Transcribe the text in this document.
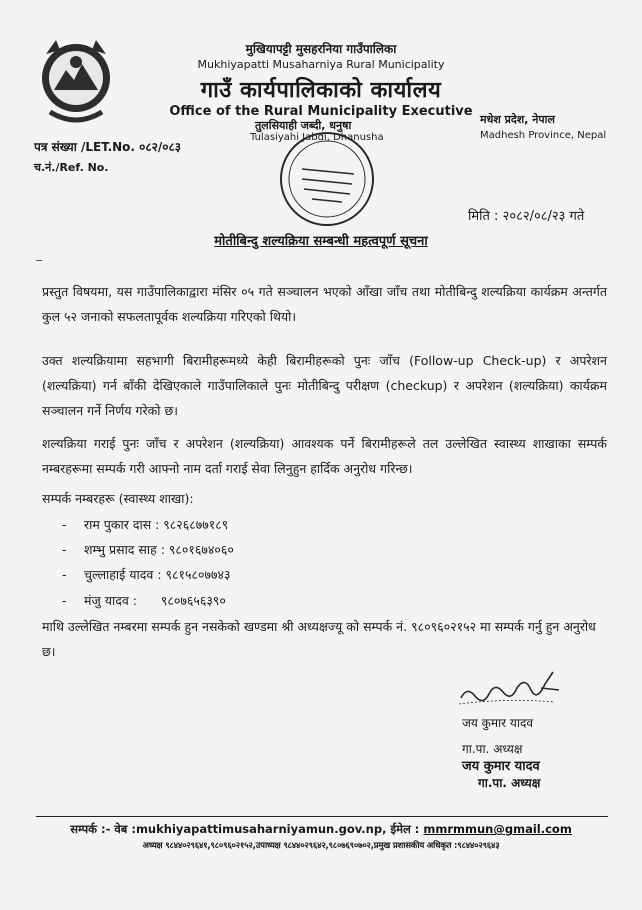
मुखियापट्टी मुसहरनिया गाउँपालिका
Mukhiyapatti Musaharniya Rural Municipality
गाउँ कार्यपालिकाको कार्यालय
Office of the Rural Municipality Executive
तुलसियाही जब्दी, धनुषा
Tulasiyahi Jabdi, Dhanusha
मधेश प्रदेश, नेपाल
Madhesh Province, Nepal
पत्र संख्या /LET.No. ०८२/०८३
च.नं./Ref. No.
मिति : २०८२/०८/२३ गते
मोतीबिन्दु शल्यक्रिया सम्बन्धी महत्वपूर्ण सूचना
प्रस्तुत विषयमा, यस गाउँपालिकाद्वारा मंसिर ०५ गते सञ्चालन भएको आँखा जाँच तथा मोतीबिन्दु शल्यक्रिया कार्यक्रम अन्तर्गत कुल ५२ जनाको सफलतापूर्वक शल्यक्रिया गरिएको थियो।
उक्त शल्यक्रियामा सहभागी बिरामीहरूमध्ये केही बिरामीहरूको पुनः जाँच (Follow-up Check-up) र अपरेशन (शल्यक्रिया) गर्न बाँकी देखिएकाले गाउँपालिकाले पुनः मोतीबिन्दु परीक्षण (checkup) र अपरेशन (शल्यक्रिया) कार्यक्रम सञ्चालन गर्ने निर्णय गरेको छ।
शल्यक्रिया गराई पुनः जाँच र अपरेशन (शल्यक्रिया) आवश्यक पर्ने बिरामीहरूले तल उल्लेखित स्वास्थ्य शाखाका सम्पर्क नम्बरहरूमा सम्पर्क गरी आफ्नो नाम दर्ता गराई सेवा लिनुहुन हार्दिक अनुरोध गरिन्छ।
सम्पर्क नम्बरहरू (स्वास्थ्य शाखा):
- राम पुकार दास : ९८२६८७७१८९
- शम्भु प्रसाद साह : ९८०१६७४०६०
- चुल्लाहाई यादव : ९८१५८०७७४३
- मंजु यादव :      ९८०७६५६३९०
माथि उल्लेखित नम्बरमा सम्पर्क हुन नसकेको खण्डमा श्री अध्यक्षज्यू को सम्पर्क नं. ९८०९६०२१५२ मा सम्पर्क गर्नु हुन अनुरोध छ।
जय कुमार यादव
गा.पा. अध्यक्ष
जय कुमार यादव
गा.पा. अध्यक्ष
सम्पर्क :- वेब :mukhiyapattimusaharniyamun.gov.np, ईमेल : mmrmmun@gmail.com
अध्यक्ष ९८४४०२९६४१,९८०९६०२१५२,उपाध्यक्ष ९८४४०२९६४२,९८०७६९०७०२,प्रमुख प्रशासकीय अधिकृत :९८४४०२९६४३
